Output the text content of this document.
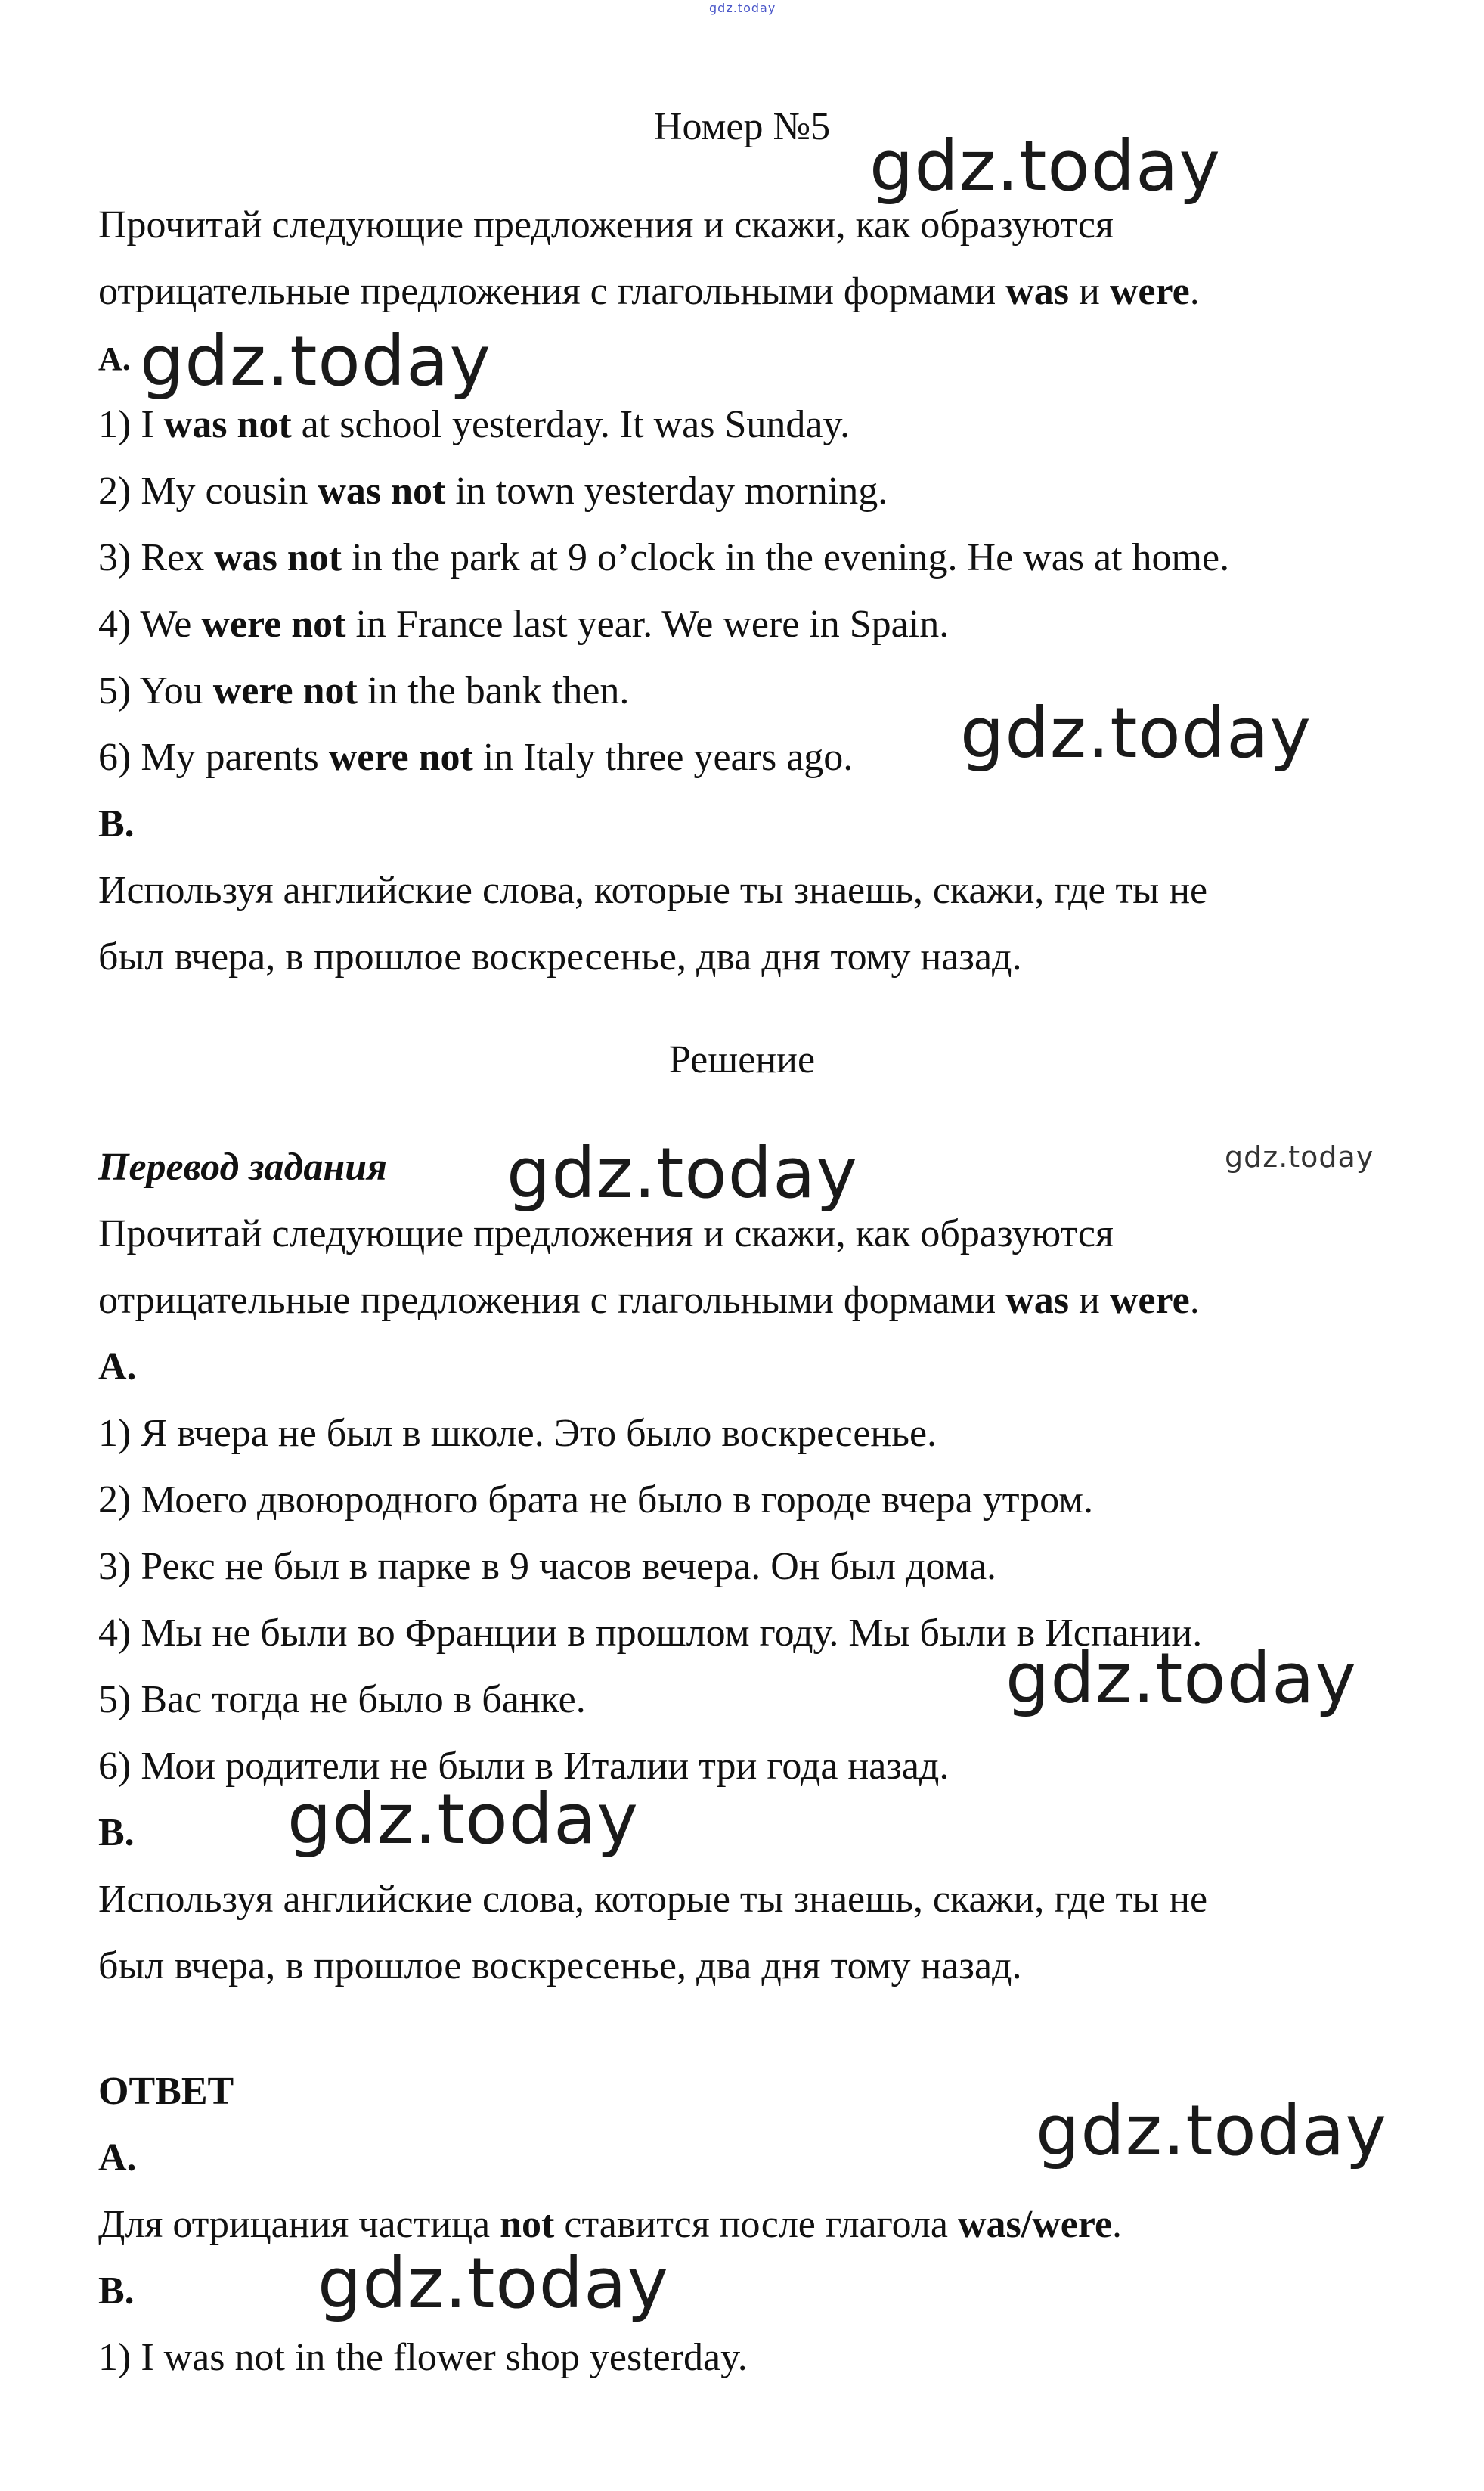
gdz.today

Номер №5

Прочитай следующие предложения и скажи, как образуются

отрицательные предложения с глагольными формами was и were.

A.

1) I was not at school yesterday. It was Sunday.

2) My cousin was not in town yesterday morning.

3) Rex was not in the park at 9 o’clock in the evening. He was at home.

4) We were not in France last year. We were in Spain.

5) You were not in the bank then.

6) My parents were not in Italy three years ago.

B.

Используя английские слова, которые ты знаешь, скажи, где ты не

был вчера, в прошлое воскресенье, два дня тому назад.

Решение

Перевод задания

Прочитай следующие предложения и скажи, как образуются

отрицательные предложения с глагольными формами was и were.

A.

1) Я вчера не был в школе. Это было воскресенье.

2) Моего двоюродного брата не было в городе вчера утром.

3) Рекс не был в парке в 9 часов вечера. Он был дома.

4) Мы не были во Франции в прошлом году. Мы были в Испании.

5) Вас тогда не было в банке.

6) Мои родители не были в Италии три года назад.

B.

Используя английские слова, которые ты знаешь, скажи, где ты не

был вчера, в прошлое воскресенье, два дня тому назад.

ОТВЕТ

A.

Для отрицания частица not ставится после глагола was/were.

B.

1) I was not in the flower shop yesterday.

gdz.today

gdz.today

gdz.today

gdz.today	gdz.today

gdz.today

gdz.today

gdz.today

gdz.today
